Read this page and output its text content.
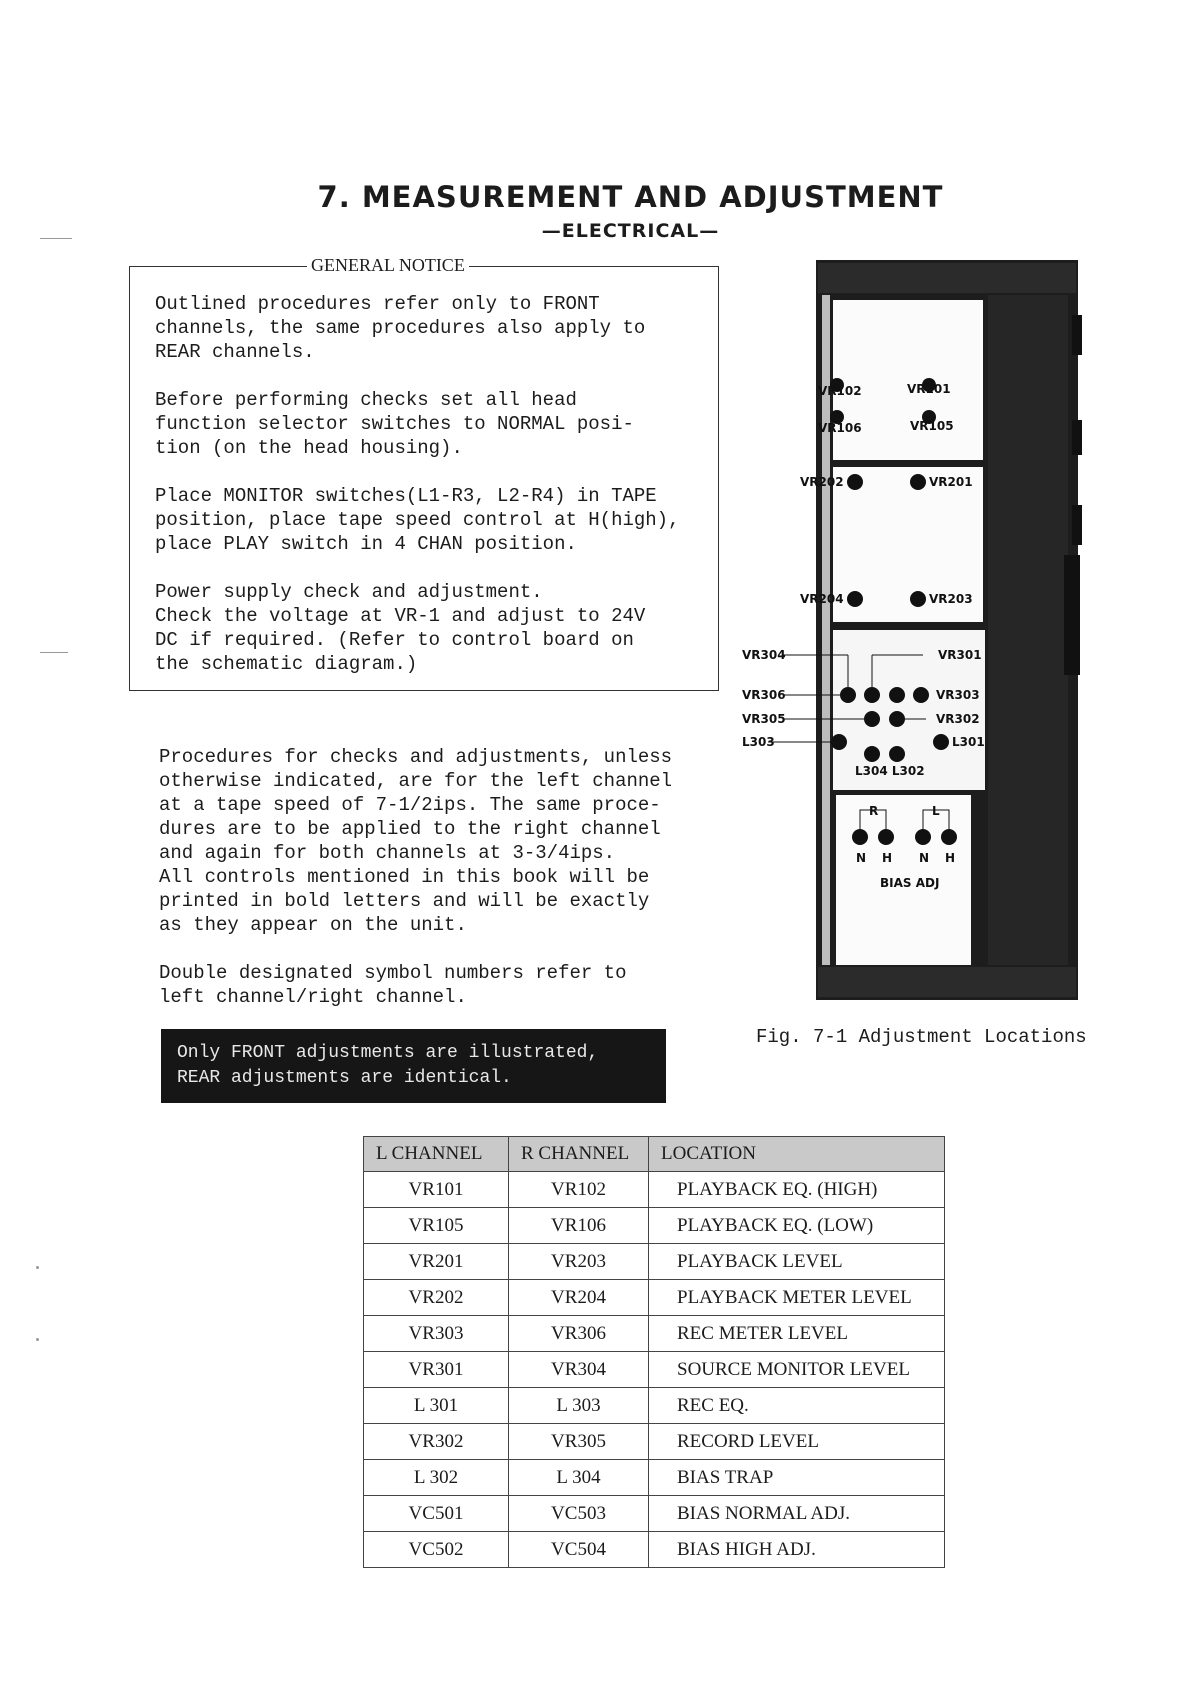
7. MEASUREMENT AND ADJUSTMENT
—ELECTRICAL—
GENERAL NOTICE
Outlined procedures refer only to FRONT
channels, the same procedures also apply to
REAR channels.
Before performing checks set all head
function selector switches to NORMAL posi-
tion (on the head housing).
Place MONITOR switches(L1-R3, L2-R4) in TAPE
position, place tape speed control at H(high),
place PLAY switch in 4 CHAN position.
Power supply check and adjustment.
Check the voltage at VR-1 and adjust to 24V
DC if required. (Refer to control board on
the schematic diagram.)
Procedures for checks and adjustments, unless
otherwise indicated, are for the left channel
at a tape speed of 7-1/2ips. The same proce-
dures are to be applied to the right channel
and again for both channels at 3-3/4ips.
All controls mentioned in this book will be
printed in bold letters and will be exactly
as they appear on the unit.
Double designated symbol numbers refer to
left channel/right channel.
Only FRONT adjustments are illustrated,
REAR adjustments are identical.
VR102	VR101
VR106	VR105
VR202	VR201
VR204	VR203
VR304	VR301
VR306	VR303
VR305	VR302
L303	L301
L304 L302
R	L
N H N H
BIAS ADJ
Fig. 7-1 Adjustment Locations
L CHANNEL	R CHANNEL	LOCATION
VR101	VR102	PLAYBACK EQ. (HIGH)
VR105	VR106	PLAYBACK EQ. (LOW)
VR201	VR203	PLAYBACK LEVEL
VR202	VR204	PLAYBACK METER LEVEL
VR303	VR306	REC METER LEVEL
VR301	VR304	SOURCE MONITOR LEVEL
L 301	L 303	REC EQ.
VR302	VR305	RECORD LEVEL
L 302	L 304	BIAS TRAP
VC501	VC503	BIAS NORMAL ADJ.
VC502	VC504	BIAS HIGH ADJ.
